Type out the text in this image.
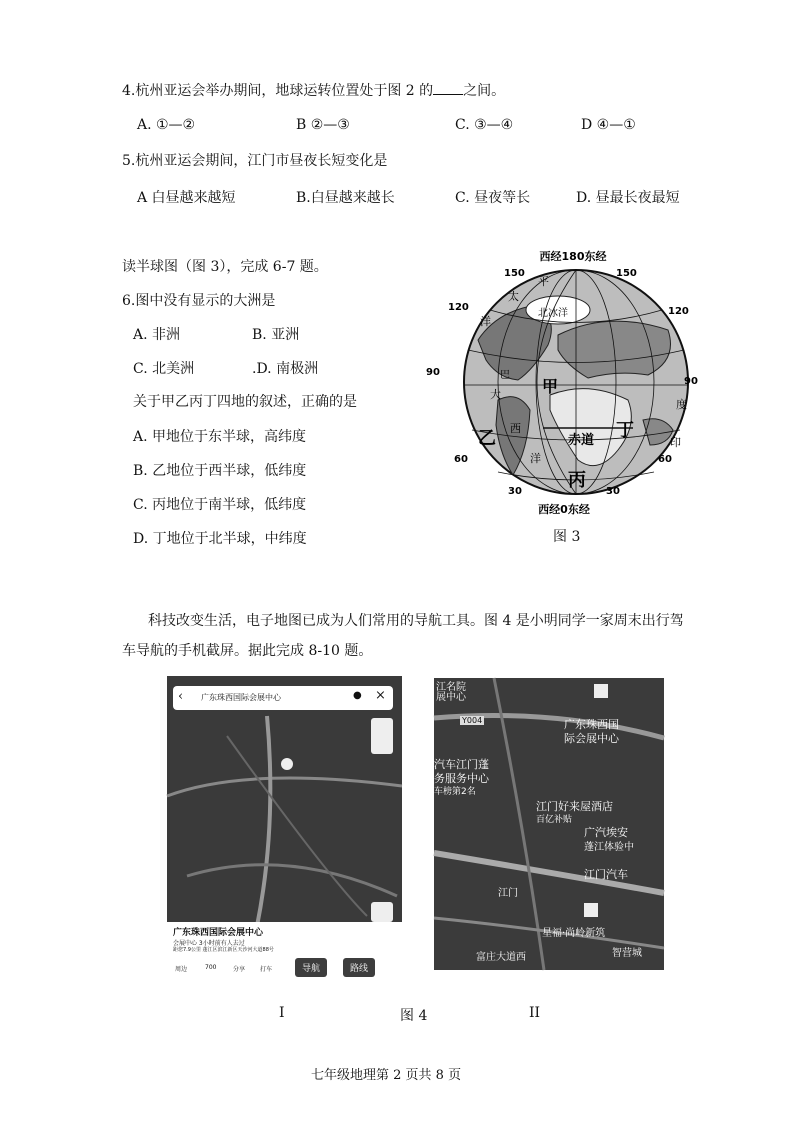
4.杭州亚运会举办期间，地球运转位置处于图 2 的 之间。
A. ①—②	B ②—③	C. ③—④	D ④—①
5.杭州亚运会期间，江门市昼夜长短变化是
A 白昼越来越短	B.白昼越来越长	C. 昼夜等长	D. 昼最长夜最短
读半球图（图 3），完成 6-7 题。
6.图中没有显示的大洲是
A. 非洲	B. 亚洲
C. 北美洲	.D. 南极洲
关于甲乙丙丁四地的叙述，正确的是
A. 甲地位于东半球，高纬度
B. 乙地位于西半球，低纬度
C. 丙地位于南半球，低纬度
D. 丁地位于北半球，中纬度
西经180东经
150	150
120	120
90
90
60	60
30	30
平
太
北冰洋
洋
巴
大
西
洋
度
印
甲
乙
丙
丁
赤道
西经0东经
图 3
科技改变生活，电子地图已成为人们常用的导航工具。图 4 是小明同学一家周末出行驾
车导航的手机截屏。据此完成 8-10 题。
‹ 广东珠西国际会展中心	● ×
广东珠西国际会展中心
会展中心 3小时前有人去过
距您7.9公里 蓬江区滨江新区天沙河大道88号
周边	700	分享 打车	导航	路线
江名院
展中心
Y004	广东珠西国
际会展中心
汽车江门蓬
务服务中心
车榜第2名
江门好来屋酒店
百亿补贴
广汽埃安
蓬江体验中
江门汽车
江门
星福·尚岭新筑
智营城
富庄大道西
I	图 4	II
七年级地理第 2 页共 8 页
